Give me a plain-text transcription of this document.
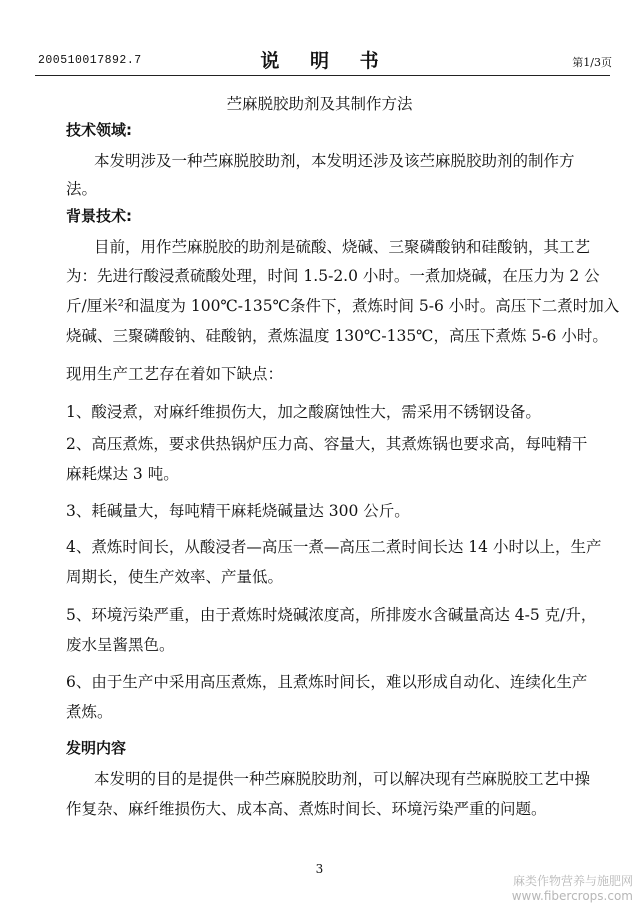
200510017892.7	说 明 书	第1/3页
苎麻脱胶助剂及其制作方法
技术领域:
本发明涉及一种苎麻脱胶助剂，本发明还涉及该苎麻脱胶助剂的制作方
法。
背景技术:
目前，用作苎麻脱胶的助剂是硫酸、烧碱、三聚磷酸钠和硅酸钠，其工艺
为：先进行酸浸煮硫酸处理，时间 1.5-2.0 小时。一煮加烧碱，在压力为 2 公
斤/厘米²和温度为 100℃-135℃条件下，煮炼时间 5-6 小时。高压下二煮时加入
烧碱、三聚磷酸钠、硅酸钠，煮炼温度 130℃-135℃，高压下煮炼 5-6 小时。
现用生产工艺存在着如下缺点：
1、酸浸煮，对麻纤维损伤大，加之酸腐蚀性大，需采用不锈钢设备。
2、高压煮炼，要求供热锅炉压力高、容量大，其煮炼锅也要求高，每吨精干
麻耗煤达 3 吨。
3、耗碱量大，每吨精干麻耗烧碱量达 300 公斤。
4、煮炼时间长，从酸浸者—高压一煮—高压二煮时间长达 14 小时以上，生产
周期长，使生产效率、产量低。
5、环境污染严重，由于煮炼时烧碱浓度高，所排废水含碱量高达 4-5 克/升，
废水呈酱黑色。
6、由于生产中采用高压煮炼，且煮炼时间长，难以形成自动化、连续化生产
煮炼。
发明内容
本发明的目的是提供一种苎麻脱胶助剂，可以解决现有苎麻脱胶工艺中操
作复杂、麻纤维损伤大、成本高、煮炼时间长、环境污染严重的问题。
3
麻类作物营养与施肥网
www.fibercrops.com
